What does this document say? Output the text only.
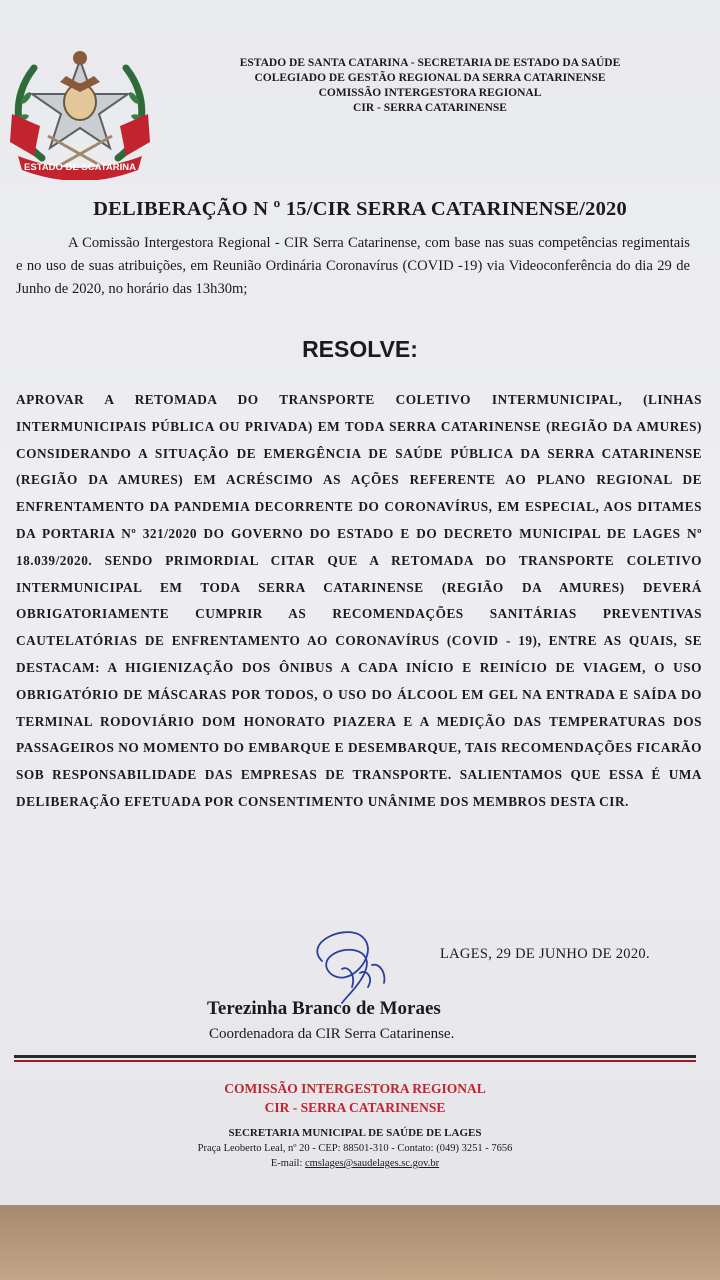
ESTADO DE SCATARINA
ESTADO DE SANTA CATARINA - SECRETARIA DE ESTADO DA SAÚDE
COLEGIADO DE GESTÃO REGIONAL DA SERRA CATARINENSE
COMISSÃO INTERGESTORA REGIONAL
CIR - SERRA CATARINENSE
DELIBERAÇÃO N º 15/CIR SERRA CATARINENSE/2020
A Comissão Intergestora Regional - CIR Serra Catarinense, com base nas suas competências regimentais e no uso de suas atribuições, em Reunião Ordinária Coronavírus (COVID -19) via Videoconferência do dia 29 de Junho de 2020, no horário das 13h30m;
RESOLVE:
APROVAR A RETOMADA DO TRANSPORTE COLETIVO INTERMUNICIPAL, (LINHAS INTERMUNICIPAIS PÚBLICA OU PRIVADA) EM TODA SERRA CATARINENSE (REGIÃO DA AMURES) CONSIDERANDO A SITUAÇÃO DE EMERGÊNCIA DE SAÚDE PÚBLICA DA SERRA CATARINENSE (REGIÃO DA AMURES) EM ACRÉSCIMO AS AÇÕES REFERENTE AO PLANO REGIONAL DE ENFRENTAMENTO DA PANDEMIA DECORRENTE DO CORONAVÍRUS, EM ESPECIAL, AOS DITAMES DA PORTARIA Nº 321/2020 DO GOVERNO DO ESTADO E DO DECRETO MUNICIPAL DE LAGES Nº 18.039/2020. SENDO PRIMORDIAL CITAR QUE A RETOMADA DO TRANSPORTE COLETIVO INTERMUNICIPAL EM TODA SERRA CATARINENSE (REGIÃO DA AMURES) DEVERÁ OBRIGATORIAMENTE CUMPRIR AS RECOMENDAÇÕES SANITÁRIAS PREVENTIVAS CAUTELATÓRIAS DE ENFRENTAMENTO AO CORONAVÍRUS (COVID - 19), ENTRE AS QUAIS, SE DESTACAM: A HIGIENIZAÇÃO DOS ÔNIBUS A CADA INÍCIO E REINÍCIO DE VIAGEM, O USO OBRIGATÓRIO DE MÁSCARAS POR TODOS, O USO DO ÁLCOOL EM GEL NA ENTRADA E SAÍDA DO TERMINAL RODOVIÁRIO DOM HONORATO PIAZERA E A MEDIÇÃO DAS TEMPERATURAS DOS PASSAGEIROS NO MOMENTO DO EMBARQUE E DESEMBARQUE, TAIS RECOMENDAÇÕES FICARÃO SOB RESPONSABILIDADE DAS EMPRESAS DE TRANSPORTE. SALIENTAMOS QUE ESSA É UMA DELIBERAÇÃO EFETUADA POR CONSENTIMENTO UNÂNIME DOS MEMBROS DESTA CIR.
LAGES, 29 DE JUNHO DE 2020.
Terezinha Branco de Moraes
Coordenadora da CIR Serra Catarinense.
COMISSÃO INTERGESTORA REGIONAL
CIR - SERRA CATARINENSE
SECRETARIA MUNICIPAL DE SAÚDE DE LAGES
Praça Leoberto Leal, nº 20 - CEP: 88501-310 - Contato: (049) 3251 - 7656
E-mail: cmslages@saudelages.sc.gov.br
